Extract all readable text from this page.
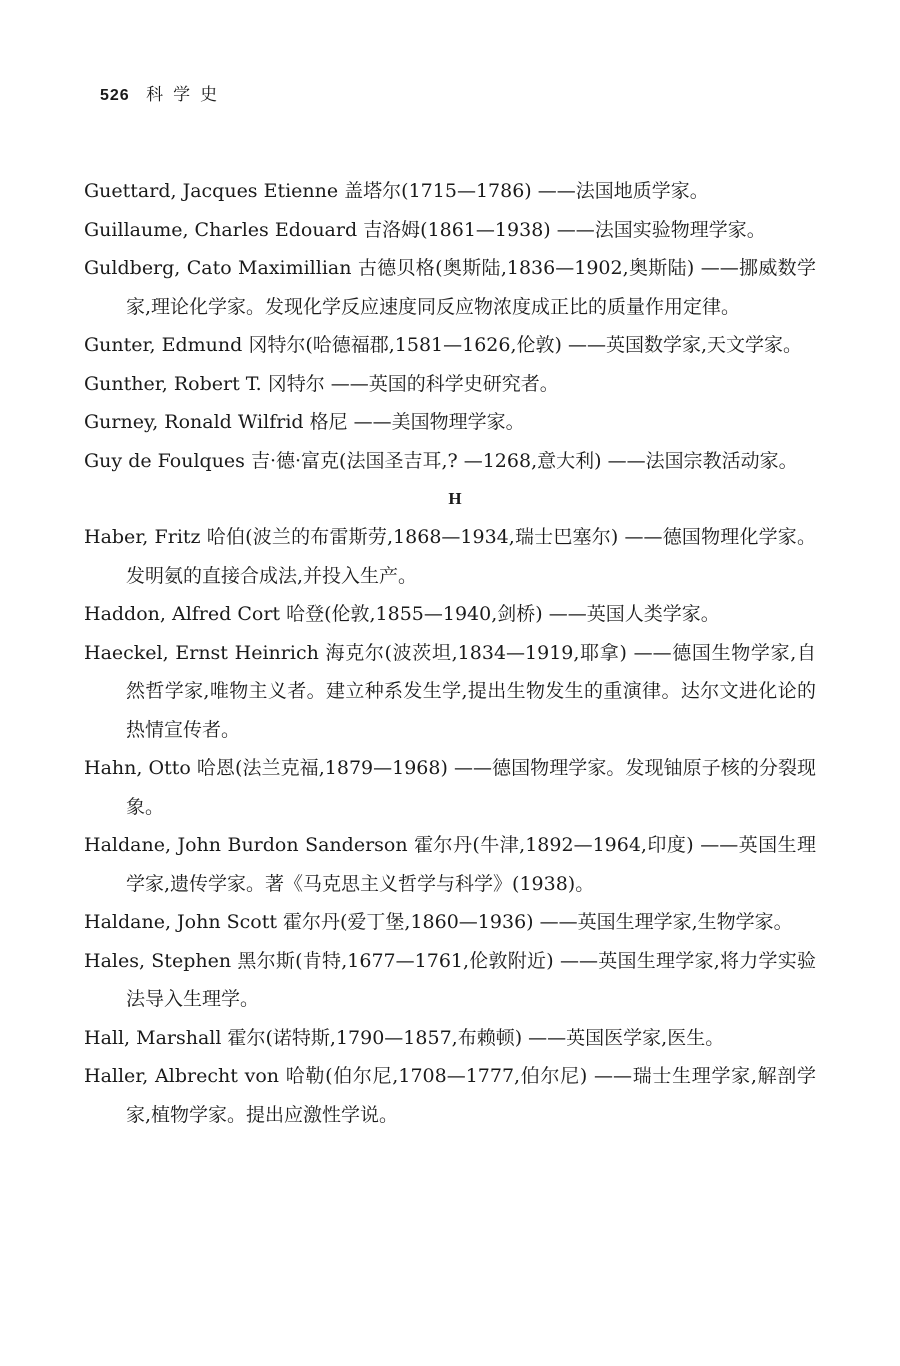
526 科学史
Guettard, Jacques Etienne 盖塔尔(1715—1786) ——法国地质学家。
Guillaume, Charles Edouard 吉洛姆(1861—1938) ——法国实验物理学家。
Guldberg, Cato Maximillian 古德贝格(奥斯陆,1836—1902,奥斯陆) ——挪威数学家,理论化学家。发现化学反应速度同反应物浓度成正比的质量作用定律。
Gunter, Edmund 冈特尔(哈德福郡,1581—1626,伦敦) ——英国数学家,天文学家。
Gunther, Robert T. 冈特尔 ——英国的科学史研究者。
Gurney, Ronald Wilfrid 格尼 ——美国物理学家。
Guy de Foulques 吉·德·富克(法国圣吉耳,? —1268,意大利) ——法国宗教活动家。
H
Haber, Fritz 哈伯(波兰的布雷斯劳,1868—1934,瑞士巴塞尔) ——德国物理化学家。发明氨的直接合成法,并投入生产。
Haddon, Alfred Cort 哈登(伦敦,1855—1940,剑桥) ——英国人类学家。
Haeckel, Ernst Heinrich 海克尔(波茨坦,1834—1919,耶拿) ——德国生物学家,自然哲学家,唯物主义者。建立种系发生学,提出生物发生的重演律。达尔文进化论的热情宣传者。
Hahn, Otto 哈恩(法兰克福,1879—1968) ——德国物理学家。发现铀原子核的分裂现象。
Haldane, John Burdon Sanderson 霍尔丹(牛津,1892—1964,印度) ——英国生理学家,遗传学家。著《马克思主义哲学与科学》(1938)。
Haldane, John Scott 霍尔丹(爱丁堡,1860—1936) ——英国生理学家,生物学家。
Hales, Stephen 黑尔斯(肯特,1677—1761,伦敦附近) ——英国生理学家,将力学实验法导入生理学。
Hall, Marshall 霍尔(诺特斯,1790—1857,布赖顿) ——英国医学家,医生。
Haller, Albrecht von 哈勒(伯尔尼,1708—1777,伯尔尼) ——瑞士生理学家,解剖学家,植物学家。提出应激性学说。
